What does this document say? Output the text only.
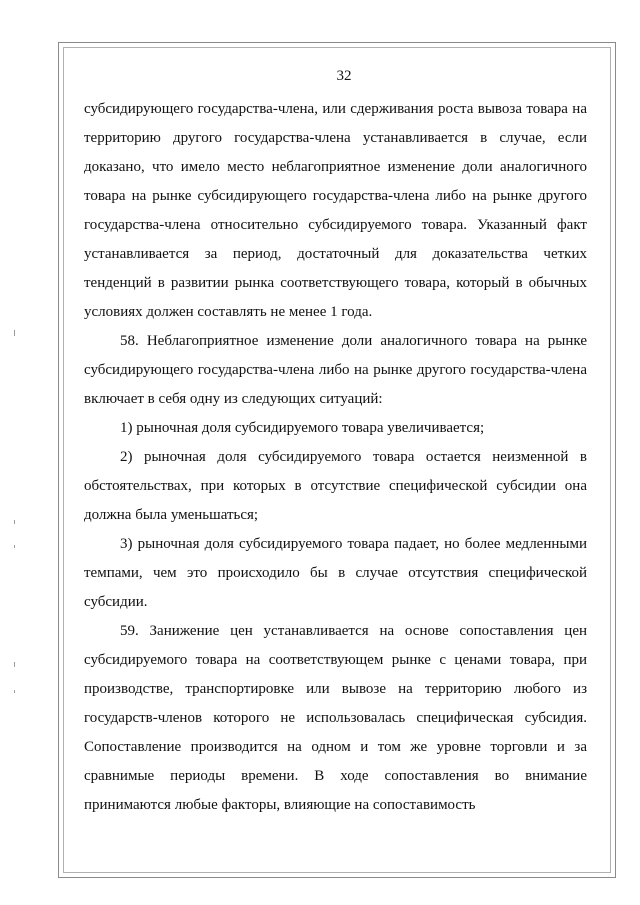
32

субсидирующего государства-члена, или сдерживания роста вывоза товара на территорию другого государства-члена устанавливается в случае, если доказано, что имело место неблагоприятное изменение доли аналогичного товара на рынке субсидирующего государства-члена либо на рынке другого государства-члена относительно субсидируемого товара. Указанный факт устанавливается за период, достаточный для доказательства четких тенденций в развитии рынка соответствующего товара, который в обычных условиях должен составлять не менее 1 года.

58. Неблагоприятное изменение доли аналогичного товара на рынке субсидирующего государства-члена либо на рынке другого государства-члена включает в себя одну из следующих ситуаций:

1) рыночная доля субсидируемого товара увеличивается;

2) рыночная доля субсидируемого товара остается неизменной в обстоятельствах, при которых в отсутствие специфической субсидии она должна была уменьшаться;

3) рыночная доля субсидируемого товара падает, но более медленными темпами, чем это происходило бы в случае отсутствия специфической субсидии.

59. Занижение цен устанавливается на основе сопоставления цен субсидируемого товара на соответствующем рынке с ценами товара, при производстве, транспортировке или вывозе на территорию любого из государств-членов которого не использовалась специфическая субсидия. Сопоставление производится на одном и том же уровне торговли и за сравнимые периоды времени. В ходе сопоставления во внимание принимаются любые факторы, влияющие на сопоставимость
